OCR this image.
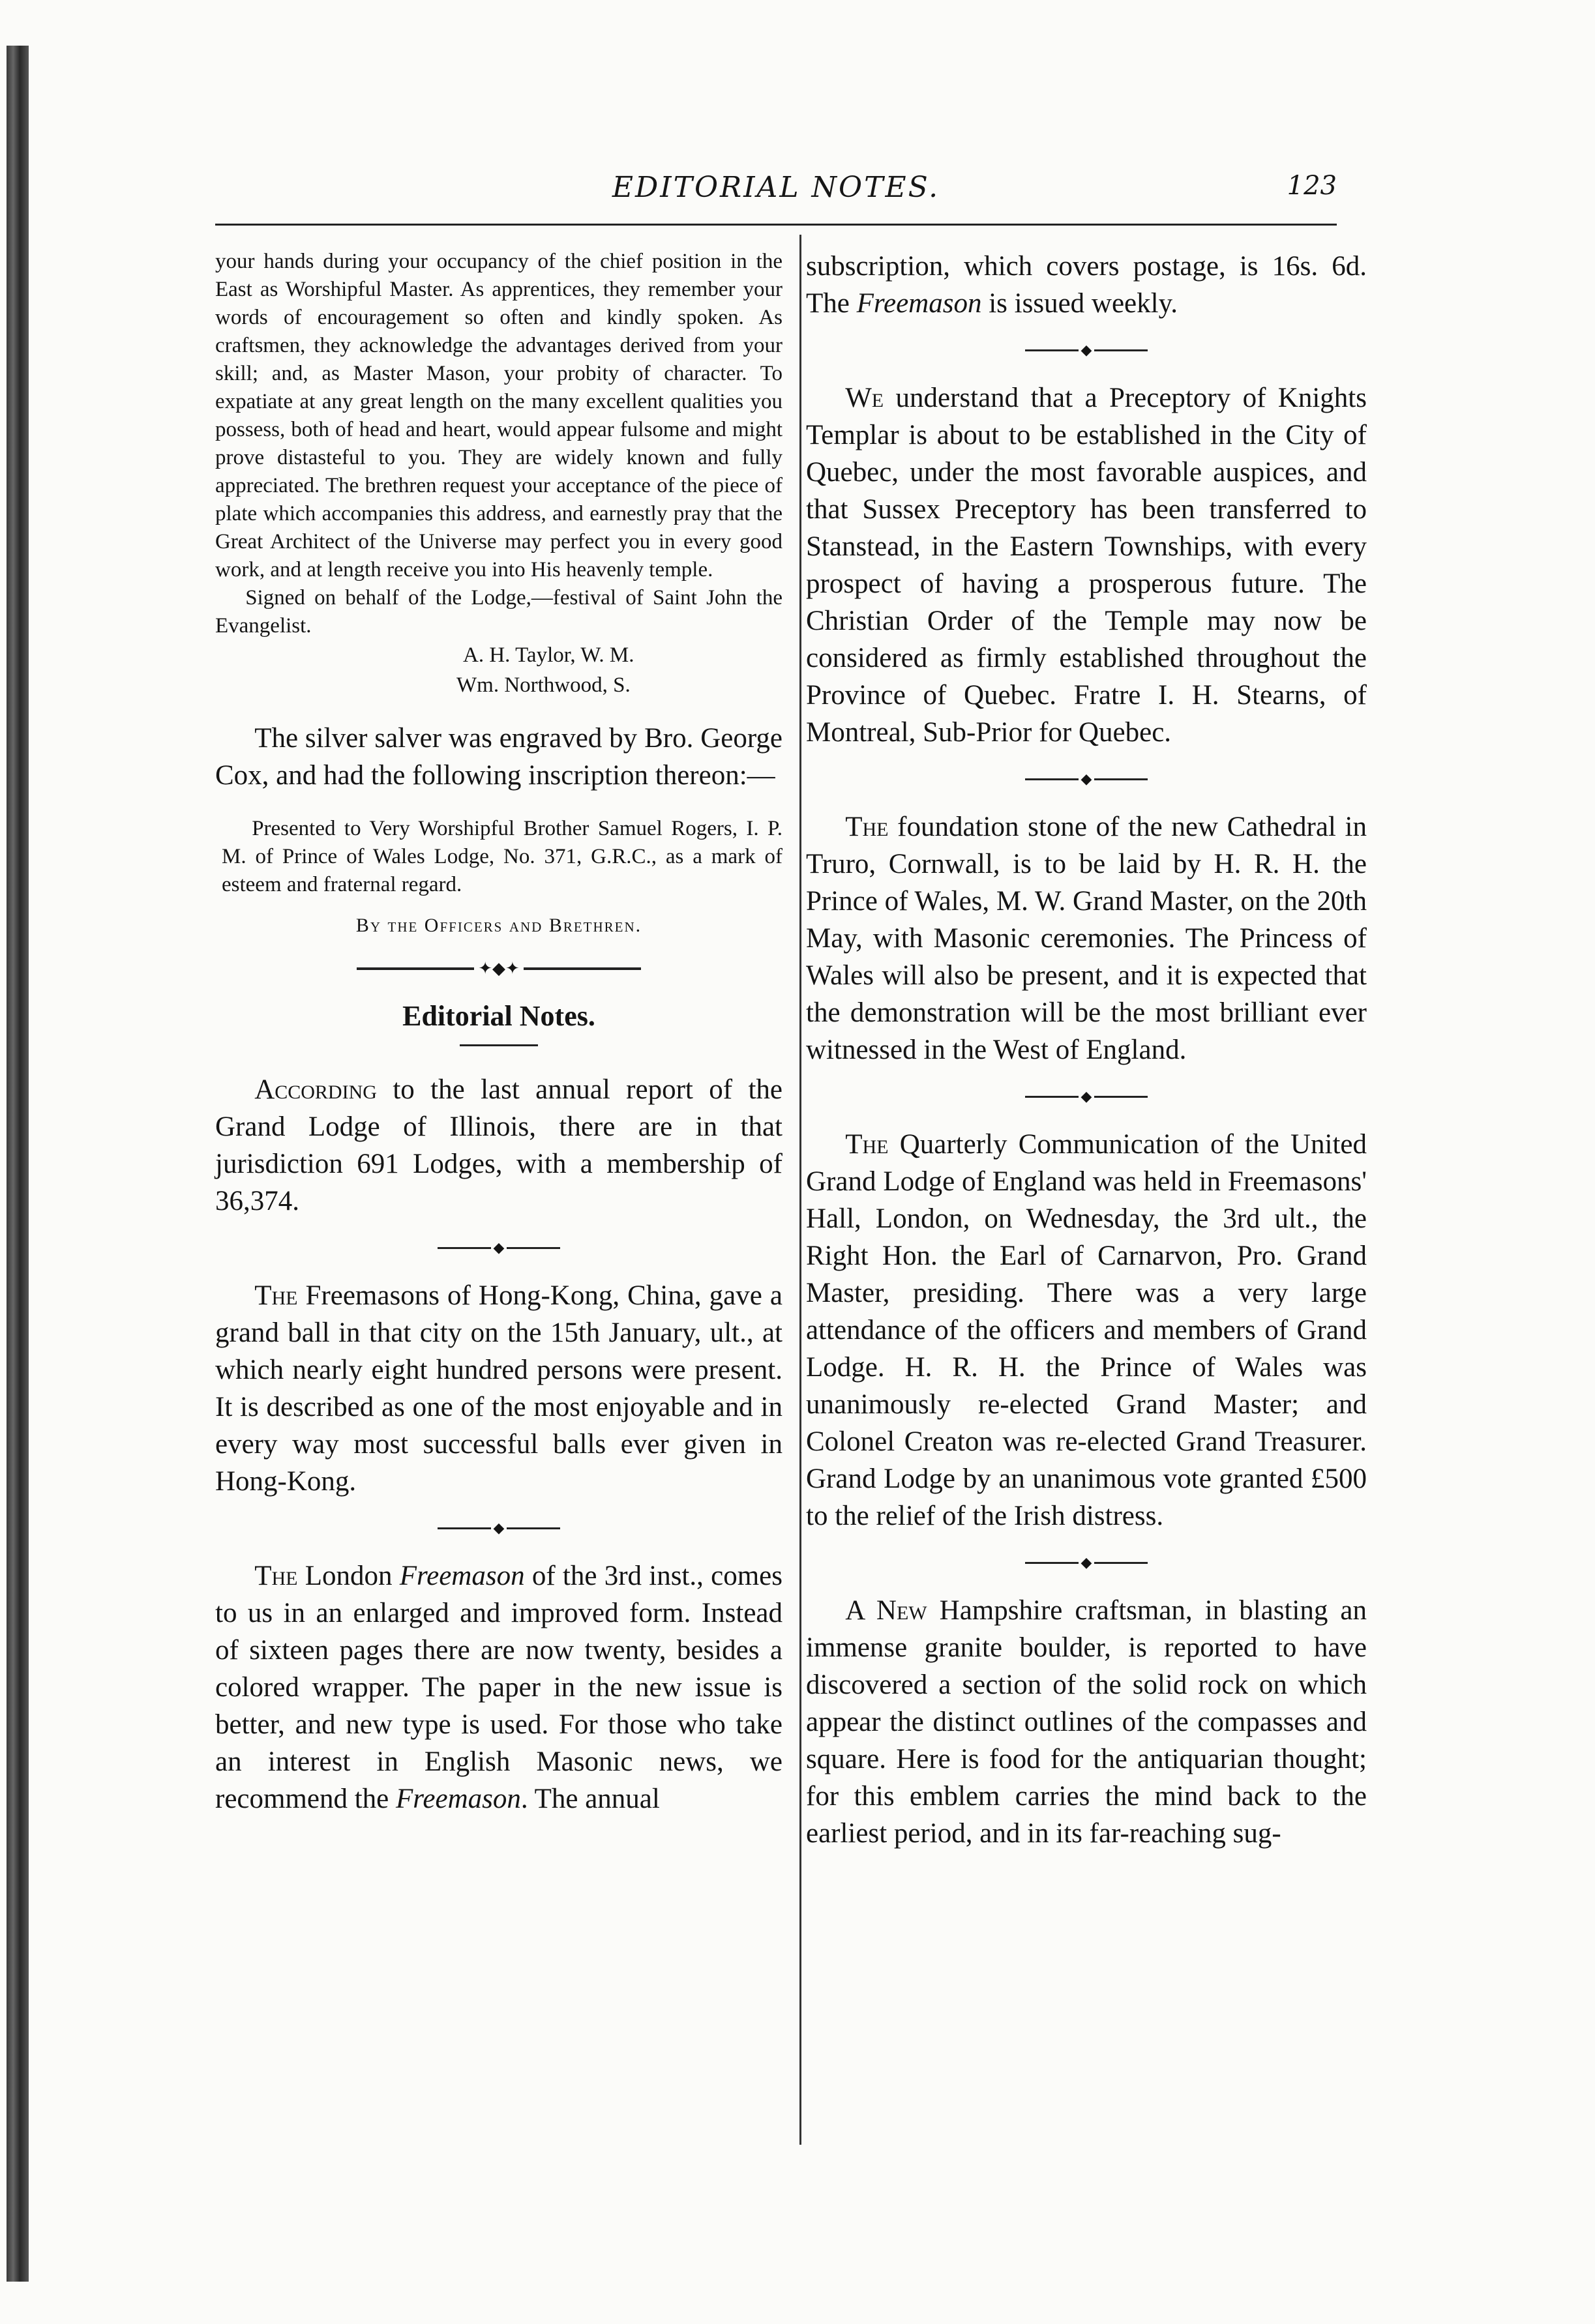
EDITORIAL NOTES.	123

your hands during your occupancy of the chief position in the East as Worshipful Master. As apprentices, they remember your words of encouragement so often and kindly spoken. As craftsmen, they acknowledge the advantages derived from your skill; and, as Master Mason, your probity of character. To expatiate at any great length on the many excellent qualities you possess, both of head and heart, would appear fulsome and might prove distasteful to you. They are widely known and fully appreciated. The brethren request your acceptance of the piece of plate which accompanies this address, and earnestly pray that the Great Architect of the Universe may perfect you in every good work, and at length receive you into His heavenly temple.

Signed on behalf of the Lodge,—festival of Saint John the Evangelist.

A. H. Taylor, W. M.

Wm. Northwood, S.

The silver salver was engraved by Bro. George Cox, and had the following inscription thereon:—

Presented to Very Worshipful Brother Samuel Rogers, I. P. M. of Prince of Wales Lodge, No. 371, G.R.C., as a mark of esteem and fraternal regard.

By the Officers and Brethren.

✦◆✦
Editorial Notes.

According to the last annual report of the Grand Lodge of Illinois, there are in that jurisdiction 691 Lodges, with a membership of 36,374.

◆

The Freemasons of Hong-Kong, China, gave a grand ball in that city on the 15th January, ult., at which nearly eight hundred persons were present. It is described as one of the most enjoyable and in every way most successful balls ever given in Hong-Kong.

◆

The London Freemason of the 3rd inst., comes to us in an enlarged and improved form. Instead of sixteen pages there are now twenty, besides a colored wrapper. The paper in the new issue is better, and new type is used. For those who take an interest in English Masonic news, we recommend the Freemason. The annual

subscription, which covers postage, is 16s. 6d. The Freemason is issued weekly.

◆

We understand that a Preceptory of Knights Templar is about to be established in the City of Quebec, under the most favorable auspices, and that Sussex Preceptory has been transferred to Stanstead, in the Eastern Townships, with every prospect of having a prosperous future. The Christian Order of the Temple may now be considered as firmly established throughout the Province of Quebec. Fratre I. H. Stearns, of Montreal, Sub-Prior for Quebec.

◆

The foundation stone of the new Cathedral in Truro, Cornwall, is to be laid by H. R. H. the Prince of Wales, M. W. Grand Master, on the 20th May, with Masonic ceremonies. The Princess of Wales will also be present, and it is expected that the demonstration will be the most brilliant ever witnessed in the West of England.

◆

The Quarterly Communication of the United Grand Lodge of England was held in Freemasons' Hall, London, on Wednesday, the 3rd ult., the Right Hon. the Earl of Carnarvon, Pro. Grand Master, presiding. There was a very large attendance of the officers and members of Grand Lodge. H. R. H. the Prince of Wales was unanimously re-elected Grand Master; and Colonel Creaton was re-elected Grand Treasurer. Grand Lodge by an unanimous vote granted £500 to the relief of the Irish distress.

◆

A New Hampshire craftsman, in blasting an immense granite boulder, is reported to have discovered a section of the solid rock on which appear the distinct outlines of the compasses and square. Here is food for the antiquarian thought; for this emblem carries the mind back to the earliest period, and in its far-reaching sug-
